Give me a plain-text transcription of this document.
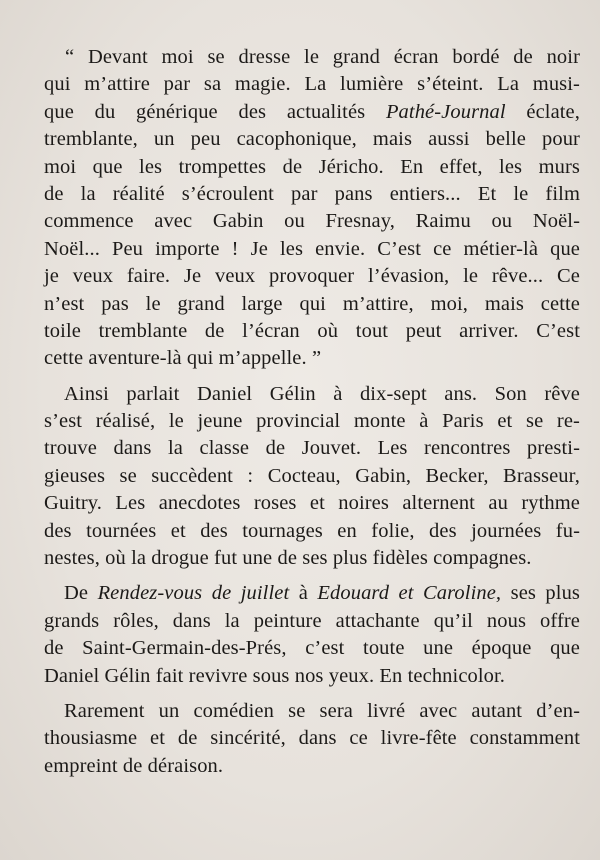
“ Devant moi se dresse le grand écran bordé de noir
qui m’attire par sa magie. La lumière s’éteint. La musi-
que du générique des actualités Pathé-Journal éclate,
tremblante, un peu cacophonique, mais aussi belle pour
moi que les trompettes de Jéricho. En effet, les murs
de la réalité s’écroulent par pans entiers... Et le film
commence avec Gabin ou Fresnay, Raimu ou Noël-
Noël... Peu importe ! Je les envie. C’est ce métier-là que
je veux faire. Je veux provoquer l’évasion, le rêve... Ce
n’est pas le grand large qui m’attire, moi, mais cette
toile tremblante de l’écran où tout peut arriver. C’est
cette aventure-là qui m’appelle. ”
Ainsi parlait Daniel Gélin à dix-sept ans. Son rêve
s’est réalisé, le jeune provincial monte à Paris et se re-
trouve dans la classe de Jouvet. Les rencontres presti-
gieuses se succèdent : Cocteau, Gabin, Becker, Brasseur,
Guitry. Les anecdotes roses et noires alternent au rythme
des tournées et des tournages en folie, des journées fu-
nestes, où la drogue fut une de ses plus fidèles compagnes.
De Rendez-vous de juillet à Edouard et Caroline, ses plus
grands rôles, dans la peinture attachante qu’il nous offre
de Saint-Germain-des-Prés, c’est toute une époque que
Daniel Gélin fait revivre sous nos yeux. En technicolor.
Rarement un comédien se sera livré avec autant d’en-
thousiasme et de sincérité, dans ce livre-fête constamment
empreint de déraison.
